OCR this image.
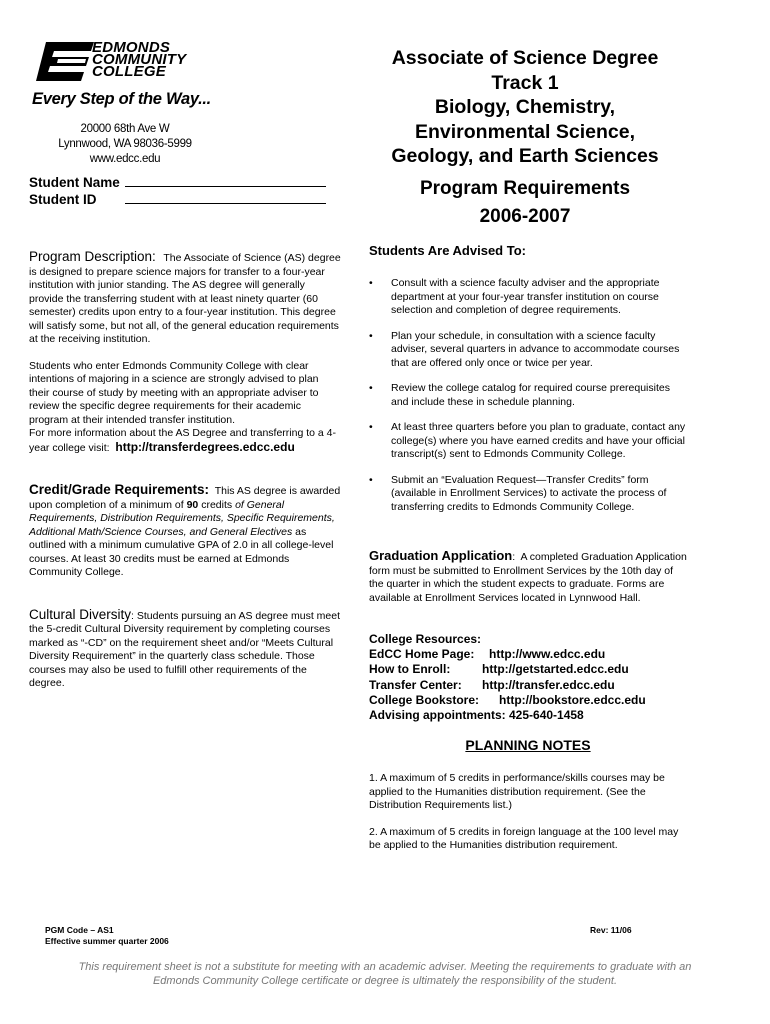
EDMONDS
COMMUNITY
COLLEGE
Every Step of the Way...
20000 68th Ave W
Lynnwood, WA 98036-5999
www.edcc.edu
Associate of Science Degree
Track 1
Biology, Chemistry,
Environmental Science,
Geology, and Earth Sciences
Program Requirements
2006-2007
Student Name
Student ID

Program Description:  The Associate of Science (AS) degree is designed to prepare science majors for transfer to a four-year institution with junior standing. The AS degree will generally provide the transferring student with at least ninety quarter (60 semester) credits upon entry to a four-year institution. This degree will satisfy some, but not all, of the general education requirements at the receiving institution.

Students who enter Edmonds Community College with clear intentions of majoring in a science are strongly advised to plan their course of study by meeting with an appropriate adviser to review the specific degree requirements for their academic program at their intended transfer institution.

For more information about the AS Degree and transferring to a 4-year college visit: http://transferdegrees.edcc.edu

Credit/Grade Requirements: This AS degree is awarded upon completion of a minimum of 90 credits of General Requirements, Distribution Requirements, Specific Requirements, Additional Math/Science Courses, and General Electives as outlined with a minimum cumulative GPA of 2.0 in all college-level courses. At least 30 credits must be earned at Edmonds Community College.

Cultural Diversity: Students pursuing an AS degree must meet the 5-credit Cultural Diversity requirement by completing courses marked as “-CD” on the requirement sheet and/or “Meets Cultural Diversity Requirement” in the quarterly class schedule. Those courses may also be used to fulfill other requirements of the degree.

Students Are Advised To:
• Consult with a science faculty adviser and the appropriate department at your four-year transfer institution on course selection and completion of degree requirements.
• Plan your schedule, in consultation with a science faculty adviser, several quarters in advance to accommodate courses that are offered only once or twice per year.
• Review the college catalog for required course prerequisites and include these in schedule planning.
• At least three quarters before you plan to graduate, contact any college(s) where you have earned credits and have your official transcript(s) sent to Edmonds Community College.
• Submit an “Evaluation Request—Transfer Credits” form (available in Enrollment Services) to activate the process of transferring credits to Edmonds Community College.
Graduation Application:  A completed Graduation Application form must be submitted to Enrollment Services by the 10th day of the quarter in which the student expects to graduate. Forms are available at Enrollment Services located in Lynnwood Hall.
College Resources:
EdCC Home Page:	http://www.edcc.edu
How to Enroll:	http://getstarted.edcc.edu
Transfer Center:	http://transfer.edcc.edu
College Bookstore:	http://bookstore.edcc.edu
Advising appointments: 425-640-1458
PLANNING NOTES

1. A maximum of 5 credits in performance/skills courses may be applied to the Humanities distribution requirement. (See the Distribution Requirements list.)

2. A maximum of 5 credits in foreign language at the 100 level may be applied to the Humanities distribution requirement.

PGM Code – AS1
Effective summer quarter 2006
Rev: 11/06
This requirement sheet is not a substitute for meeting with an academic adviser. Meeting the requirements to graduate with an
Edmonds Community College certificate or degree is ultimately the responsibility of the student.
